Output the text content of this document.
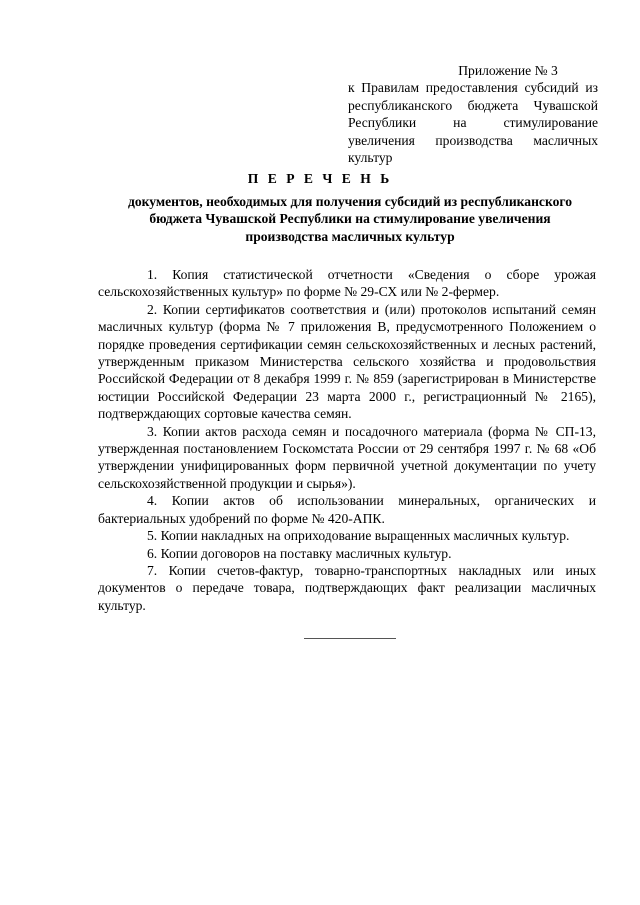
Приложение № 3
к Правилам предоставления субсидий из республиканского бюджета Чувашской Республики на стимулирование увеличения производства масличных культур
П Е Р Е Ч Е Н Ь
документов, необходимых для получения субсидий из республиканского бюджета Чувашской Республики на стимулирование увеличения производства масличных культур

1. Копия статистической отчетности «Сведения о сборе урожая сельскохозяйственных культур» по форме № 29-СХ или № 2-фермер.

2. Копии сертификатов соответствия и (или) протоколов испытаний семян масличных культур (форма № 7 приложения В, предусмотренного Положением о порядке проведения сертификации семян сельскохозяйственных и лесных растений, утвержденным приказом Министерства сельского хозяйства и продовольствия Российской Федерации от 8 декабря 1999 г. № 859 (зарегистрирован в Министерстве юстиции Российской Федерации 23 марта 2000 г., регистрационный № 2165), подтверждающих сортовые качества семян.

3. Копии актов расхода семян и посадочного материала (форма № СП-13, утвержденная постановлением Госкомстата России от 29 сентября 1997 г. № 68 «Об утверждении унифицированных форм первичной учетной документации по учету сельскохозяйственной продукции и сырья»).

4. Копии актов об использовании минеральных, органических и бактериальных удобрений по форме № 420-АПК.

5. Копии накладных на оприходование выращенных масличных культур.

6. Копии договоров на поставку масличных культур.

7. Копии счетов-фактур, товарно-транспортных накладных или иных документов о передаче товара, подтверждающих факт реализации масличных культур.
